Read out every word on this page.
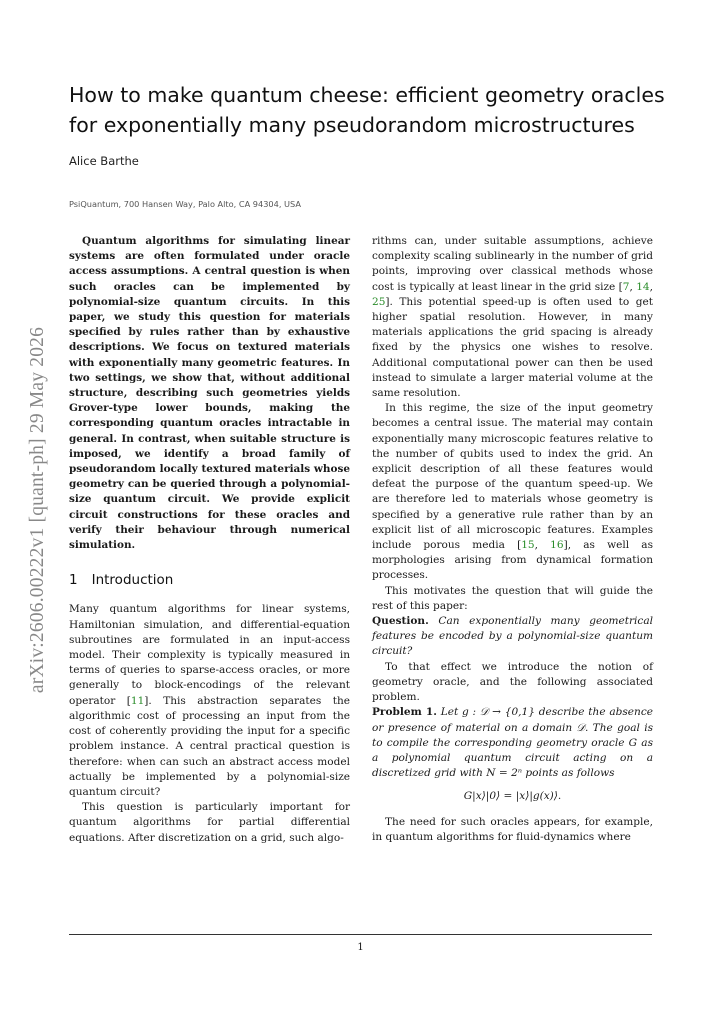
arXiv:2606.00222v1 [quant-ph] 29 May 2026
How to make quantum cheese: efficient geometry oracles for exponentially many pseudorandom microstructures
Alice Barthe
PsiQuantum, 700 Hansen Way, Palo Alto, CA 94304, USA

Quantum algorithms for simulating linear systems are often formulated under oracle access assumptions. A central question is when such oracles can be implemented by polynomial-size quantum circuits. In this paper, we study this question for materials specified by rules rather than by exhaustive descriptions. We focus on textured materials with exponentially many geometric features. In two settings, we show that, without additional structure, describing such geometries yields Grover-type lower bounds, making the corresponding quantum oracles intractable in general. In contrast, when suitable structure is imposed, we identify a broad family of pseudorandom locally textured materials whose geometry can be queried through a polynomial-size quantum circuit. We provide explicit circuit constructions for these oracles and verify their behaviour through numerical simulation.

1 Introduction

Many quantum algorithms for linear systems, Hamiltonian simulation, and differential-equation subroutines are formulated in an input-access model. Their complexity is typically measured in terms of queries to sparse-access oracles, or more generally to block-encodings of the relevant operator [11]. This abstraction separates the algorithmic cost of processing an input from the cost of coherently providing the input for a specific problem instance. A central practical question is therefore: when can such an abstract access model actually be implemented by a polynomial-size quantum circuit?

This question is particularly important for quantum algorithms for partial differential equations. After discretization on a grid, such algo-

rithms can, under suitable assumptions, achieve complexity scaling sublinearly in the number of grid points, improving over classical methods whose cost is typically at least linear in the grid size [7, 14, 25]. This potential speed-up is often used to get higher spatial resolution. However, in many materials applications the grid spacing is already fixed by the physics one wishes to resolve. Additional computational power can then be used instead to simulate a larger material volume at the same resolution.

In this regime, the size of the input geometry becomes a central issue. The material may contain exponentially many microscopic features relative to the number of qubits used to index the grid. An explicit description of all these features would defeat the purpose of the quantum speed-up. We are therefore led to materials whose geometry is specified by a generative rule rather than by an explicit list of all microscopic features. Examples include porous media [15, 16], as well as morphologies arising from dynamical formation processes.

This motivates the question that will guide the rest of this paper:

Question. Can exponentially many geometrical features be encoded by a polynomial-size quantum circuit?

To that effect we introduce the notion of geometry oracle, and the following associated problem.

Problem 1. Let g : 𝒟 → {0,1} describe the absence or presence of material on a domain 𝒟. The goal is to compile the corresponding geometry oracle G as a polynomial quantum circuit acting on a discretized grid with N = 2ⁿ points as follows

G|x⟩|0⟩ = |x⟩|g(x)⟩.

The need for such oracles appears, for example, in quantum algorithms for fluid-dynamics where

1
